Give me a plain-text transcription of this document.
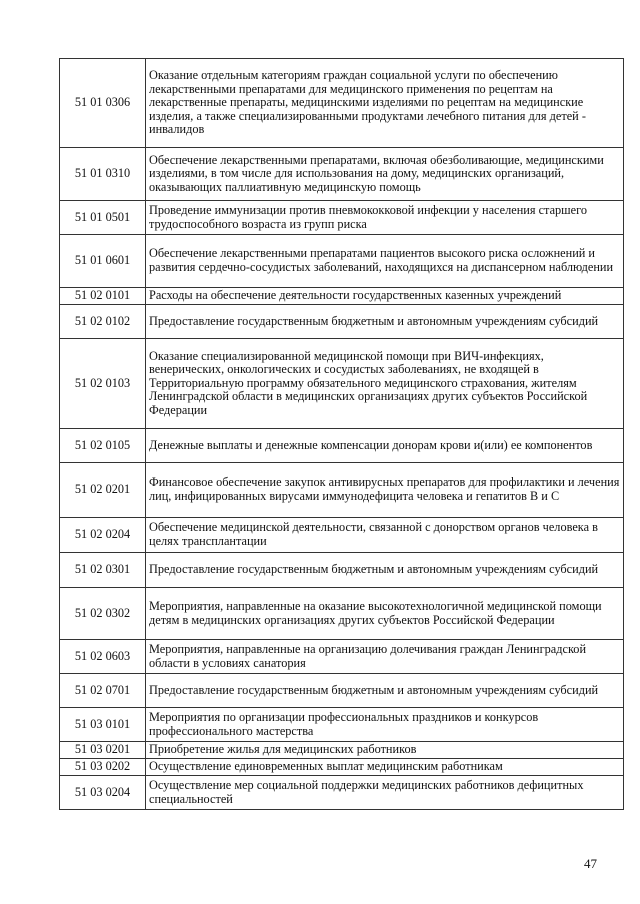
51 01 0306	Оказание отдельным категориям граждан социальной услуги по обеспечению лекарственными препаратами для медицинского применения по рецептам на лекарственные препараты, медицинскими изделиями по рецептам на медицинские изделия, а также специализированными продуктами лечебного питания для детей - инвалидов
51 01 0310	Обеспечение лекарственными препаратами, включая обезболивающие, медицинскими изделиями, в том числе для использования на дому, медицинских организаций, оказывающих паллиативную медицинскую помощь
51 01 0501	Проведение иммунизации против пневмококковой инфекции у населения старшего трудоспособного возраста из групп риска
51 01 0601	Обеспечение лекарственными препаратами пациентов высокого риска осложнений и развития сердечно-сосудистых заболеваний, находящихся на диспансерном наблюдении
51 02 0101	Расходы на обеспечение деятельности государственных казенных учреждений
51 02 0102	Предоставление государственным бюджетным и автономным учреждениям субсидий
51 02 0103	Оказание специализированной медицинской помощи при ВИЧ-инфекциях, венерических, онкологических и сосудистых заболеваниях, не входящей в Территориальную программу обязательного медицинского страхования, жителям Ленинградской области в медицинских организациях других субъектов Российской Федерации
51 02 0105	Денежные выплаты и денежные компенсации донорам крови и(или) ее компонентов
51 02 0201	Финансовое обеспечение закупок антивирусных препаратов для профилактики и лечения лиц, инфицированных вирусами иммунодефицита человека и гепатитов В и С
51 02 0204	Обеспечение медицинской деятельности, связанной с донорством органов человека в целях трансплантации
51 02 0301	Предоставление государственным бюджетным и автономным учреждениям субсидий
51 02 0302	Мероприятия, направленные на оказание высокотехнологичной медицинской помощи детям в медицинских организациях других субъектов Российской Федерации
51 02 0603	Мероприятия, направленные на организацию долечивания граждан Ленинградской области в условиях санатория
51 02 0701	Предоставление государственным бюджетным и автономным учреждениям субсидий
51 03 0101	Мероприятия по организации профессиональных праздников и конкурсов профессионального мастерства
51 03 0201	Приобретение жилья для медицинских работников
51 03 0202	Осуществление единовременных выплат медицинским работникам
51 03 0204	Осуществление мер социальной поддержки медицинских работников дефицитных специальностей
47
